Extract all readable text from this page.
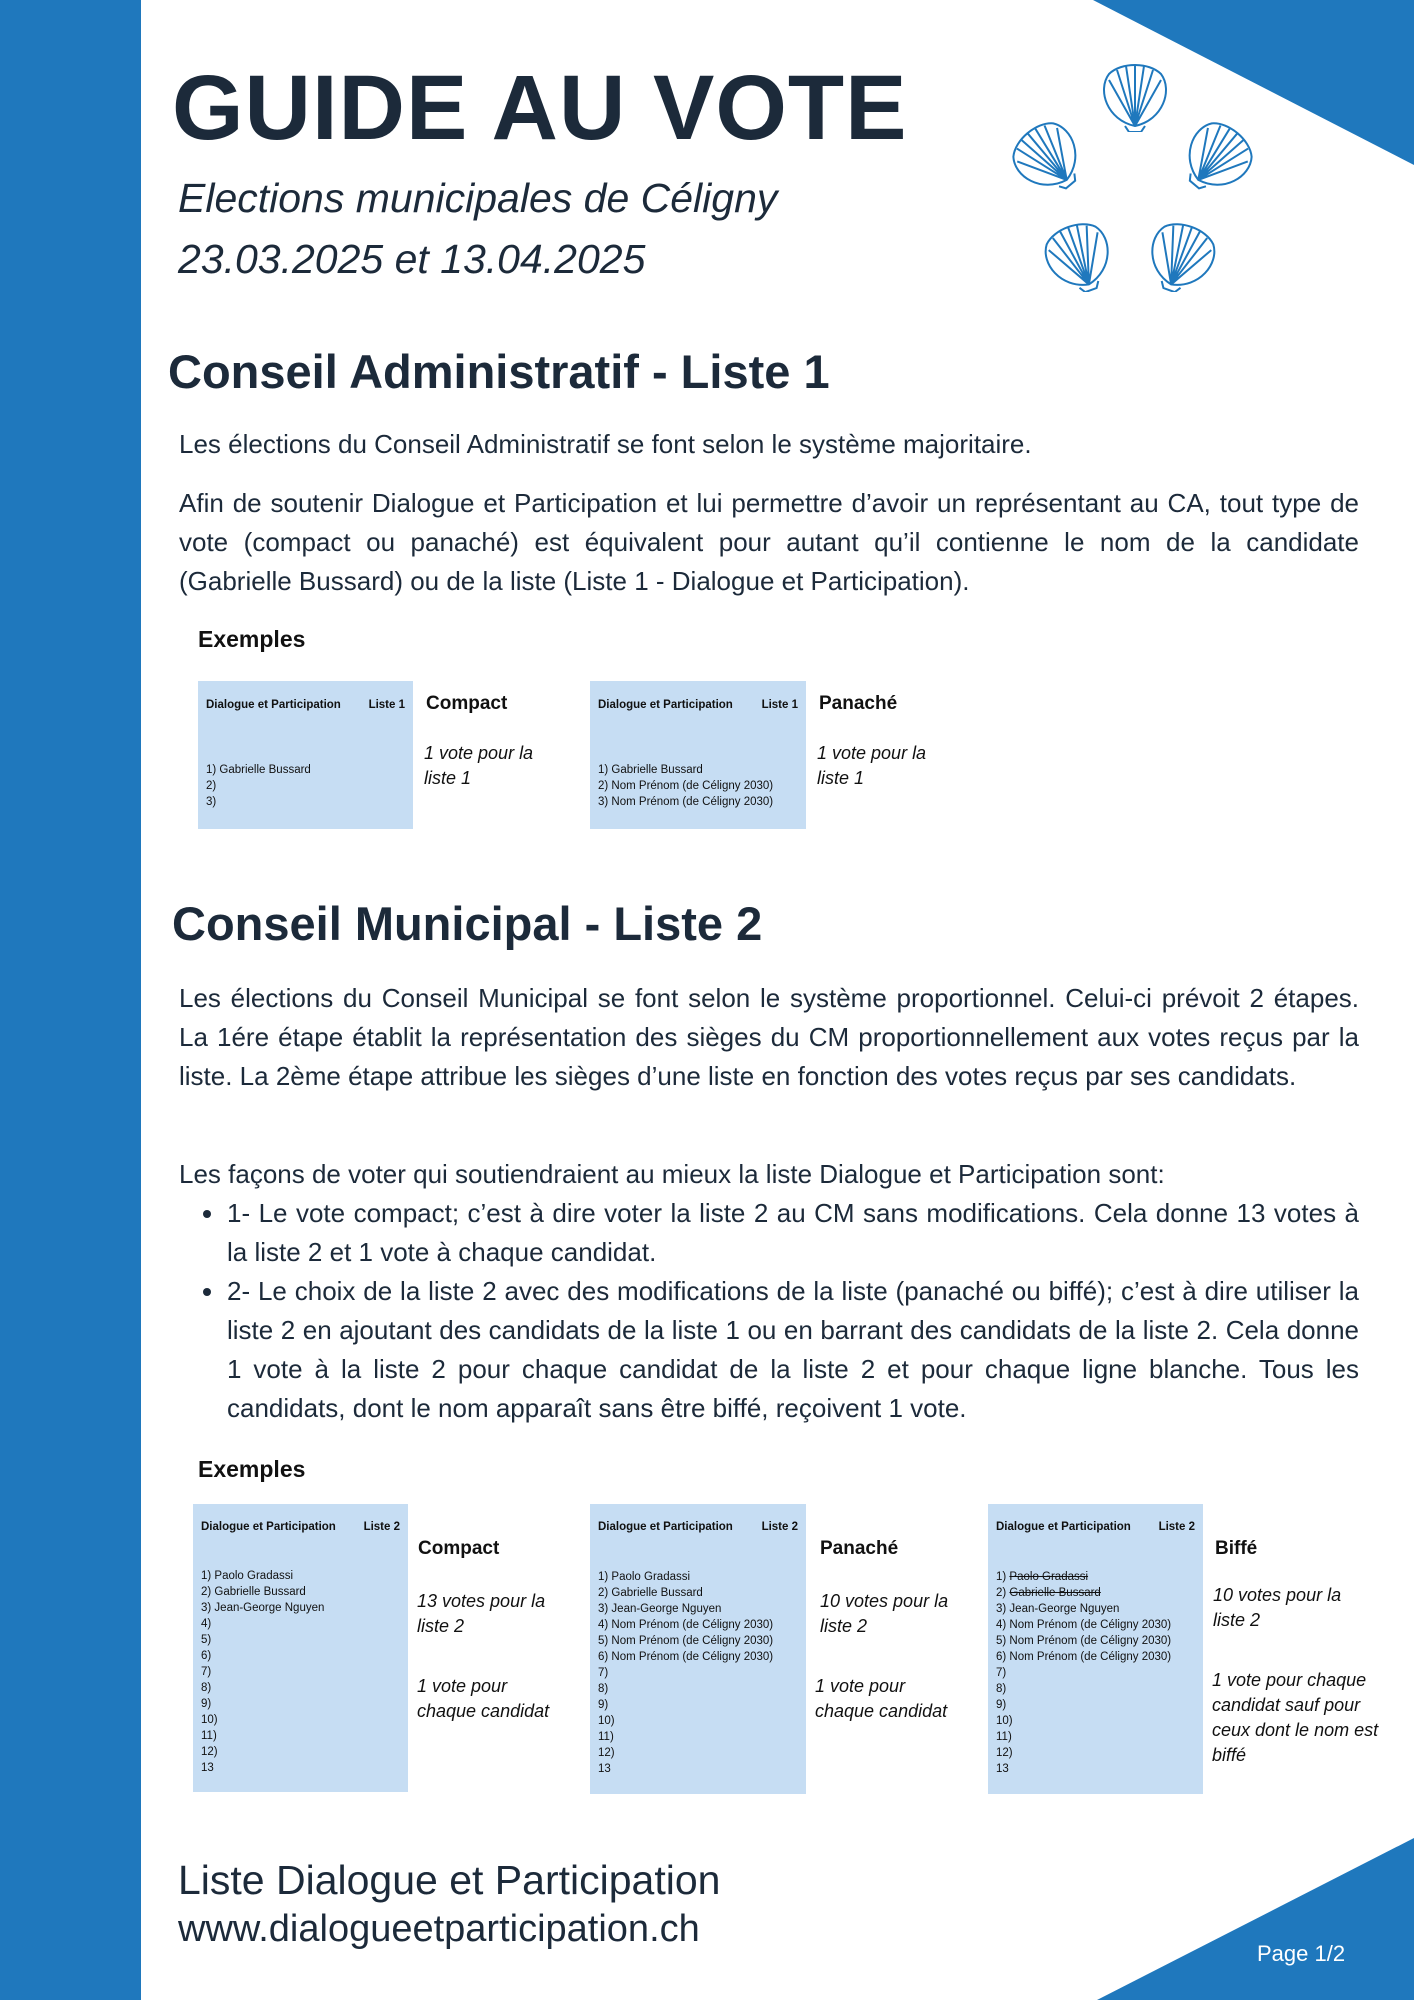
GUIDE AU VOTE
Elections municipales de Céligny
23.03.2025 et 13.04.2025
Conseil Administratif - Liste 1

Les élections du Conseil Administratif se font selon le système majoritaire.

Afin de soutenir Dialogue et Participation et lui permettre d’avoir un représentant au CA, tout type de vote (compact ou panaché) est équivalent pour autant qu’il contienne le nom de la candidate (Gabrielle Bussard) ou de la liste (Liste 1 - Dialogue et Participation).

Exemples
Dialogue et Participation Liste 1
1) Gabrielle Bussard
2)
3)
Compact
1 vote pour la liste 1
Dialogue et Participation Liste 1
1) Gabrielle Bussard
2) Nom Prénom (de Céligny 2030)
3) Nom Prénom (de Céligny 2030)
Panaché
1 vote pour la liste 1
Conseil Municipal - Liste 2

Les élections du Conseil Municipal se font selon le système proportionnel. Celui-ci prévoit 2 étapes. La 1ére étape établit la représentation des sièges du CM proportionnellement aux votes reçus par la liste. La 2ème étape attribue les sièges d’une liste en fonction des votes reçus par ses candidats.

Les façons de voter qui soutiendraient au mieux la liste Dialogue et Participation sont:

1- Le vote compact; c’est à dire voter la liste 2 au CM sans modifications. Cela donne 13 votes à la liste 2 et 1 vote à chaque candidat.
2- Le choix de la liste 2 avec des modifications de la liste (panaché ou biffé); c’est à dire utiliser la liste 2 en ajoutant des candidats de la liste 1 ou en barrant des candidats de la liste 2. Cela donne 1 vote à la liste 2 pour chaque candidat de la liste 2 et pour chaque ligne blanche. Tous les candidats, dont le nom apparaît sans être biffé, reçoivent 1 vote.
Exemples
Dialogue et Participation Liste 2
1) Paolo Gradassi
2) Gabrielle Bussard
3) Jean-George Nguyen
4)
5)
6)
7)
8)
9)
10)
11)
12)
13
Compact
13 votes pour la liste 2
1 vote pour chaque candidat
Dialogue et Participation Liste 2
1) Paolo Gradassi
2) Gabrielle Bussard
3) Jean-George Nguyen
4) Nom Prénom (de Céligny 2030)
5) Nom Prénom (de Céligny 2030)
6) Nom Prénom (de Céligny 2030)
7)
8)
9)
10)
11)
12)
13
Panaché
10 votes pour la liste 2
1 vote pour chaque candidat
Dialogue et Participation Liste 2
1) Paolo Gradassi
2) Gabrielle Bussard
3) Jean-George Nguyen
4) Nom Prénom (de Céligny 2030)
5) Nom Prénom (de Céligny 2030)
6) Nom Prénom (de Céligny 2030)
7)
8)
9)
10)
11)
12)
13
Biffé
10 votes pour la liste 2
1 vote pour chaque candidat sauf pour ceux dont le nom est biffé
Liste Dialogue et Participation
www.dialogueetparticipation.ch
Page 1/2
